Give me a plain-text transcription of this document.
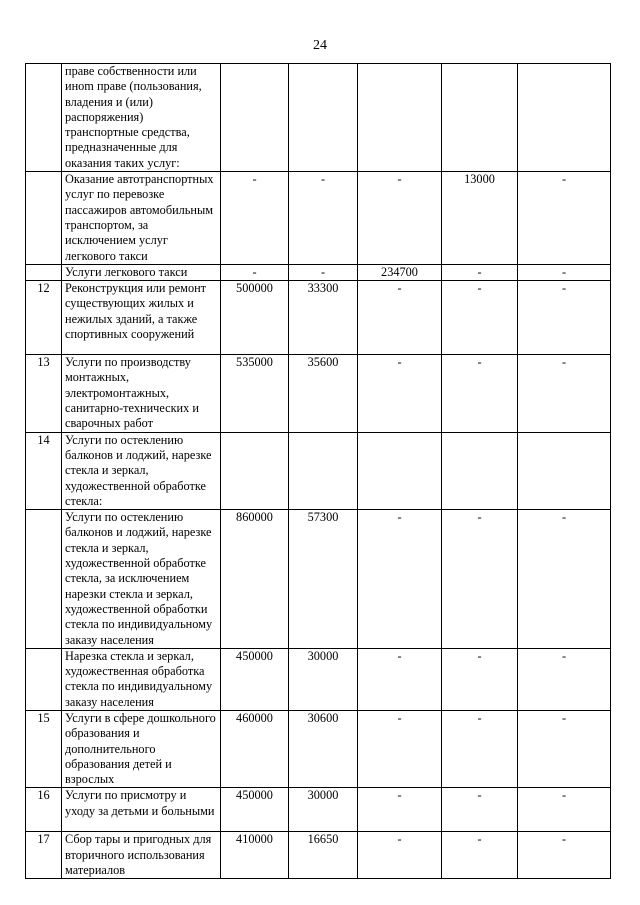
24
	праве собственности или иноm праве (пользования, владения и (или) распоряжения) транспортные средства, предназначенные для оказания таких услуг:					
	Оказание автотранспортных услуг по перевозке пассажиров автомобильным транспортом, за исключением услуг легкового такси	-	-	-	13000	-
	Услуги легкового такси	-	-	234700	-	-
12	Реконструкция или ремонт существующих жилых и нежилых зданий, а также спортивных сооружений	500000	33300	-	-	-
13	Услуги по производству монтажных, электромонтажных, санитарно-технических и сварочных работ	535000	35600	-	-	-
14	Услуги по остеклению балконов и лоджий, нарезке стекла и зеркал, художественной обработке стекла:					
	Услуги по остеклению балконов и лоджий, нарезке стекла и зеркал, художественной обработке стекла, за исключением нарезки стекла и зеркал, художественной обработки стекла по индивидуальному заказу населения	860000	57300	-	-	-
	Нарезка стекла и зеркал, художественная обработка стекла по индивидуальному заказу населения	450000	30000	-	-	-
15	Услуги в сфере дошкольного образования и дополнительного образования детей и взрослых	460000	30600	-	-	-
16	Услуги по присмотру и уходу за детьми и больными	450000	30000	-	-	-
17	Сбор тары и пригодных для вторичного использования материалов	410000	16650	-	-	-
